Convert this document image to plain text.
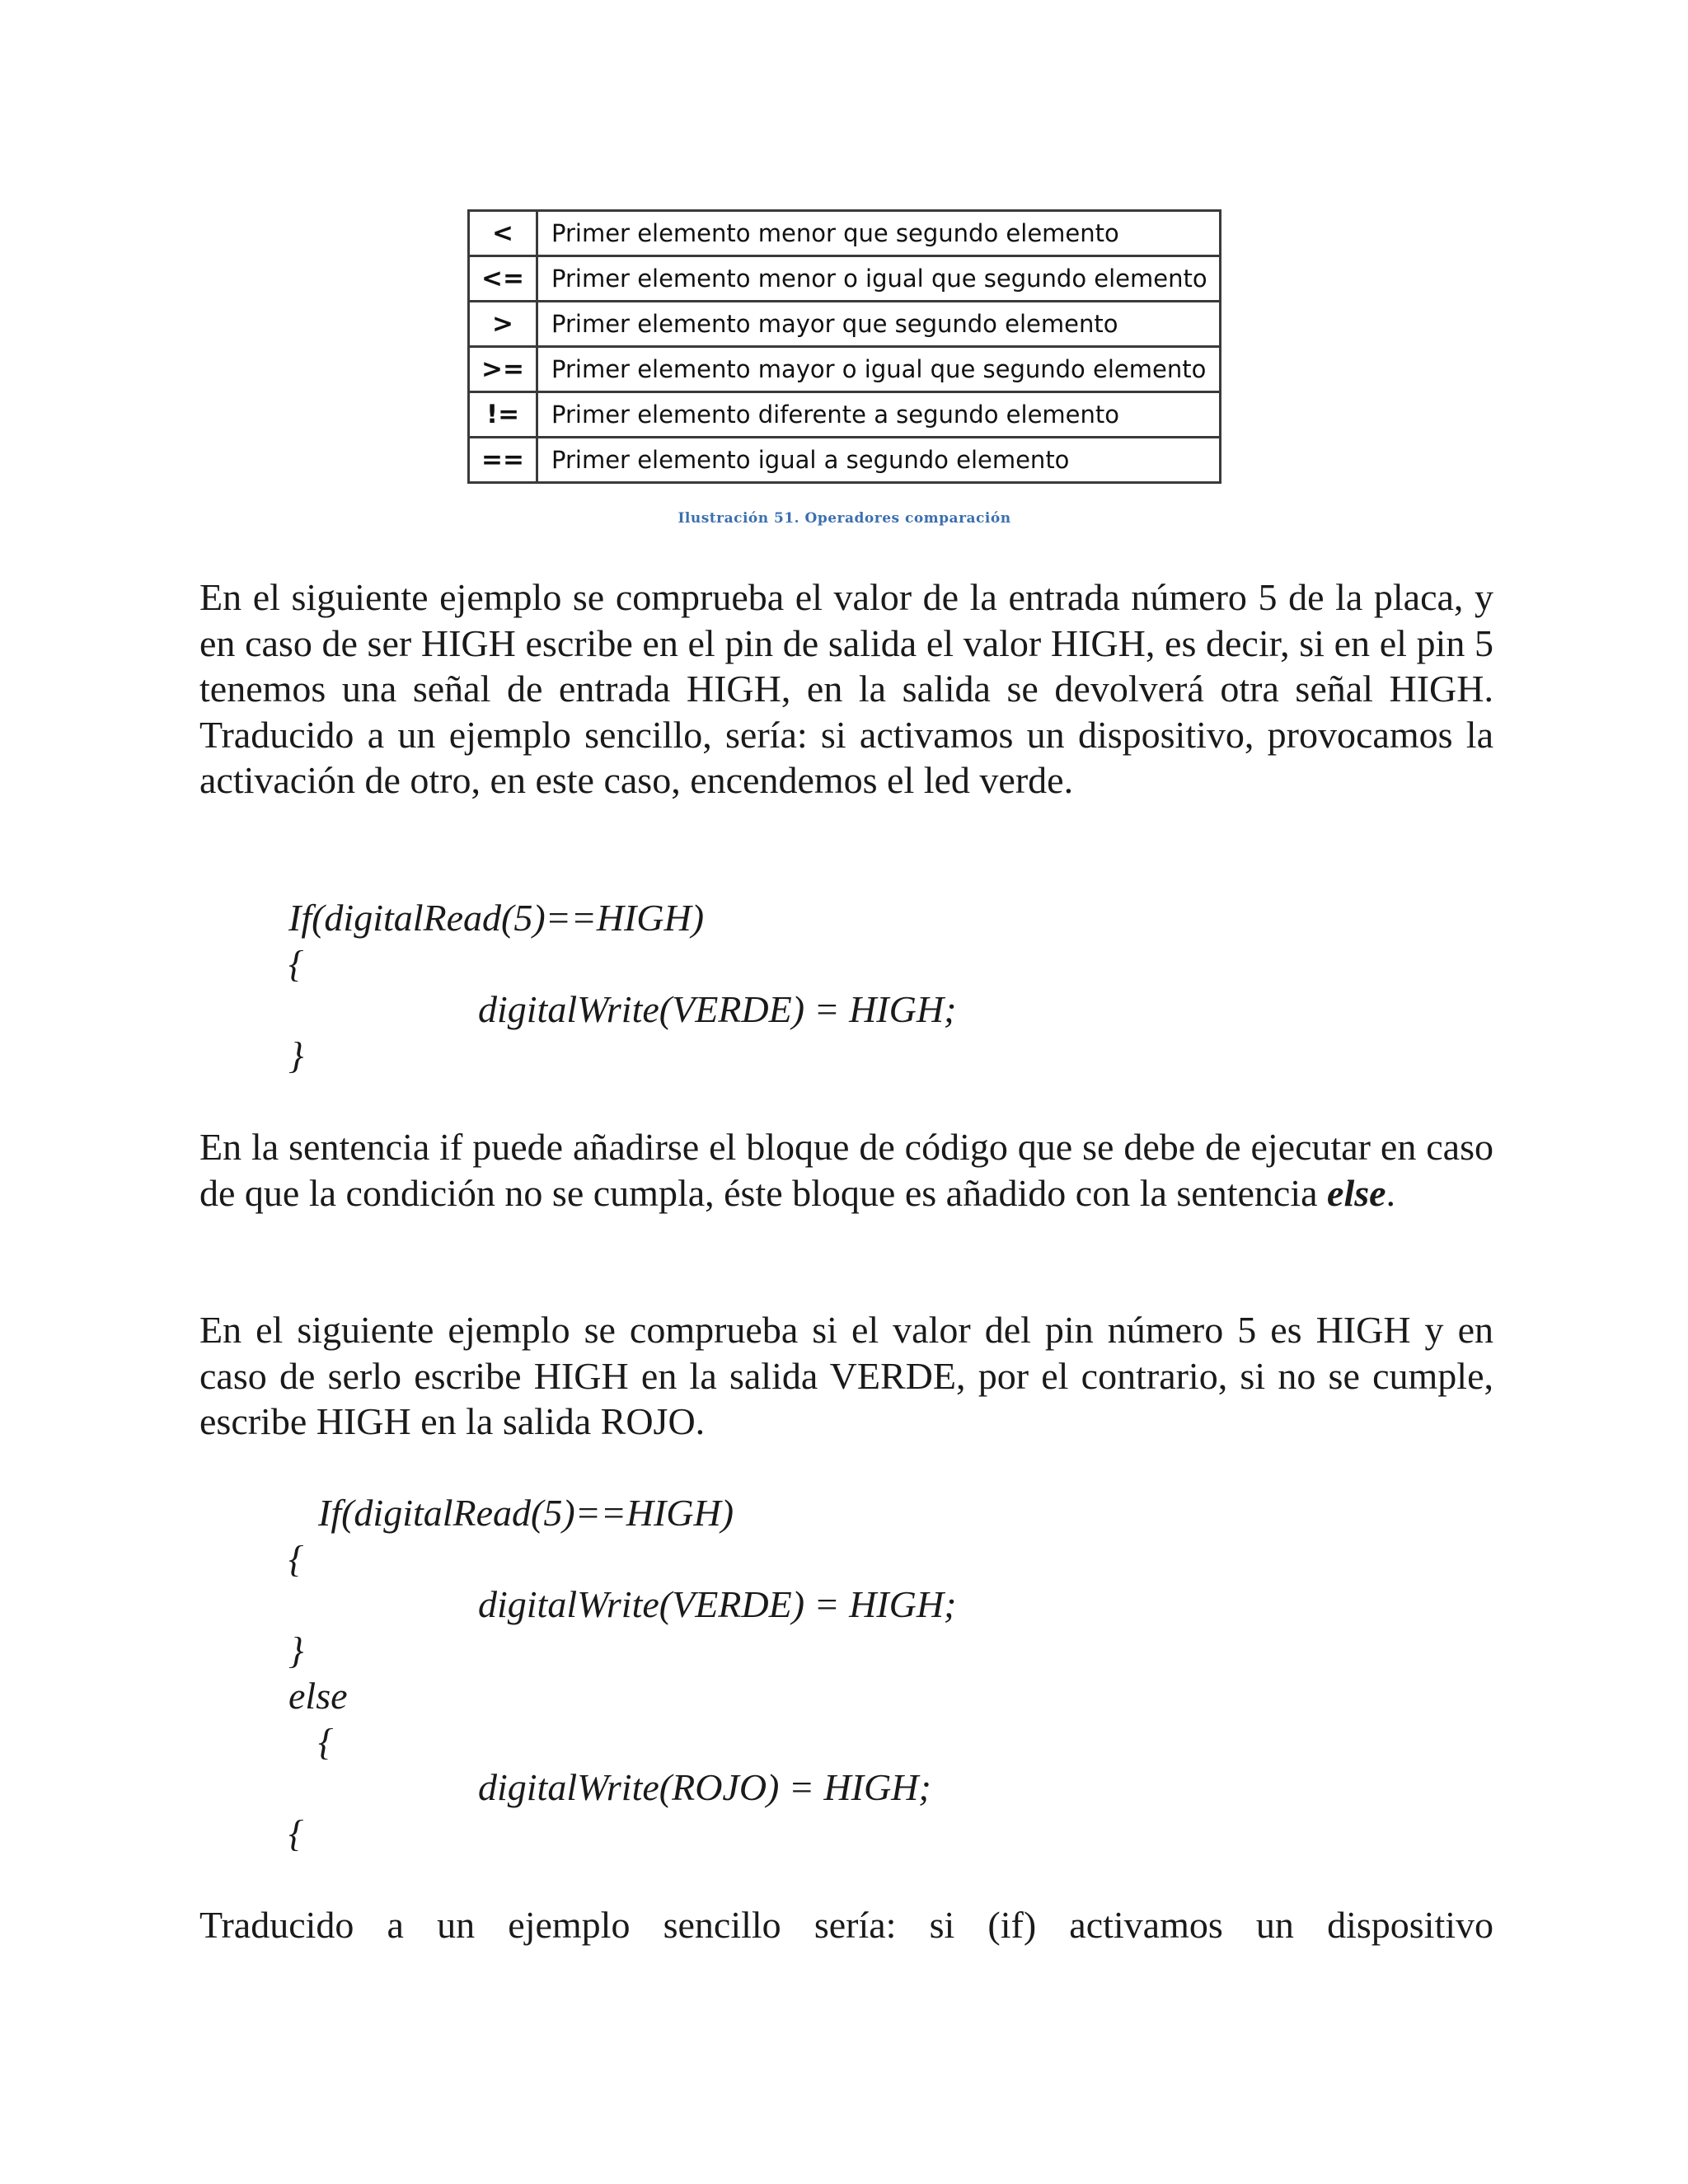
<	Primer elemento menor que segundo elemento
<=	Primer elemento menor o igual que segundo elemento
>	Primer elemento mayor que segundo elemento
>=	Primer elemento mayor o igual que segundo elemento
!=	Primer elemento diferente a segundo elemento
==	Primer elemento igual a segundo elemento
Ilustración 51. Operadores comparación

En el siguiente ejemplo se comprueba el valor de la entrada número 5 de la placa, y en caso de ser HIGH escribe en el pin de salida el valor HIGH, es decir, si en el pin 5 tenemos una señal de entrada HIGH, en la salida se devolverá otra señal HIGH. Traducido a un ejemplo sencillo, sería: si activamos un dispositivo, provocamos la activación de otro, en este caso, encendemos el led verde.

If(digitalRead(5)==HIGH)
{
digitalWrite(VERDE) = HIGH;
}

En la sentencia if puede añadirse el bloque de código que se debe de ejecutar en caso de que la condición no se cumpla, éste bloque es añadido con la sentencia else.

En el siguiente ejemplo se comprueba si el valor del pin número 5 es HIGH y en caso de serlo escribe HIGH en la salida VERDE, por el contrario, si no se cumple, escribe HIGH en la salida ROJO.

If(digitalRead(5)==HIGH)
{
digitalWrite(VERDE) = HIGH;
}
else
{
digitalWrite(ROJO) = HIGH;
{

Traducido a un ejemplo sencillo sería: si (if) activamos un dispositivo
